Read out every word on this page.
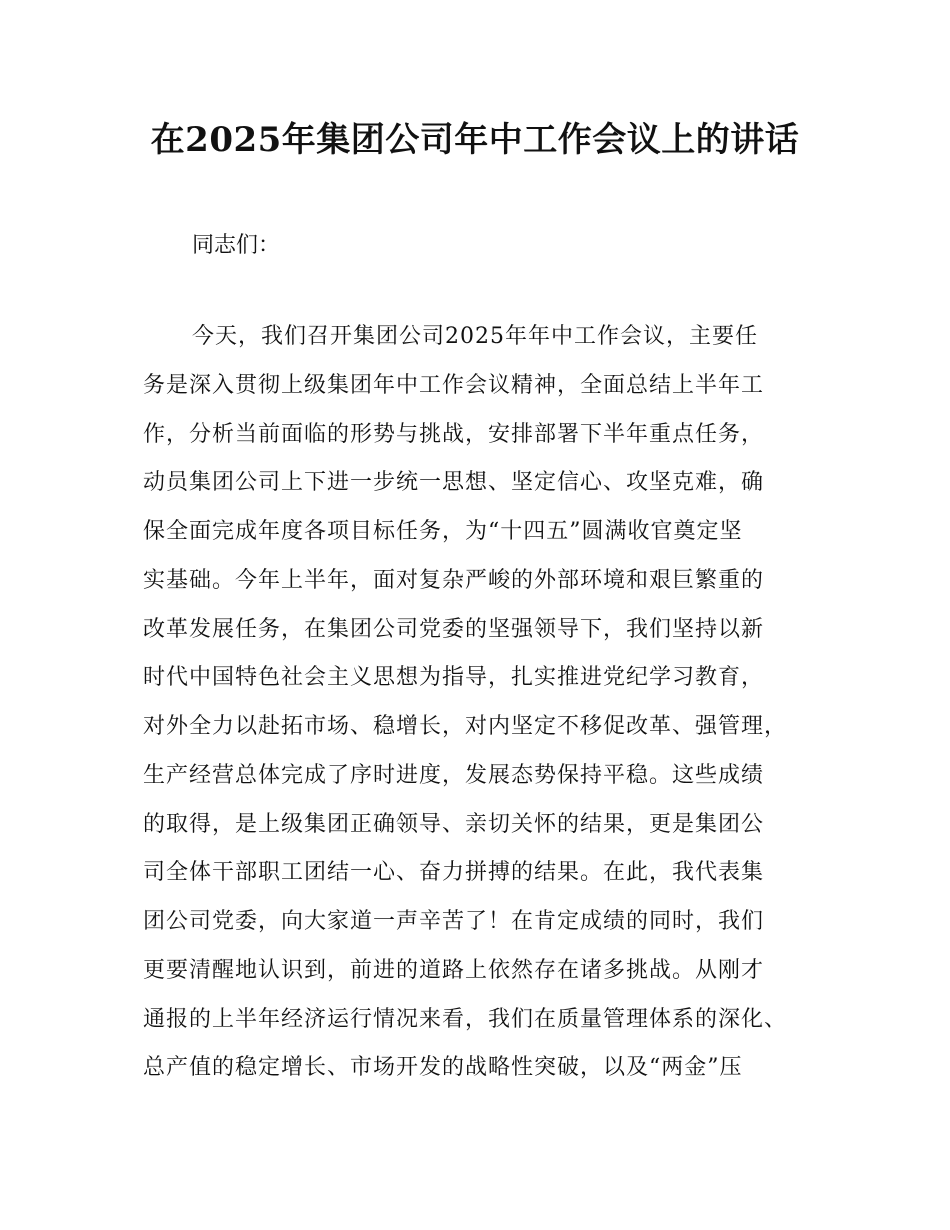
在2025年集团公司年中工作会议上的讲话
同志们：
今天，我们召开集团公司2025年年中工作会议，主要任
务是深入贯彻上级集团年中工作会议精神，全面总结上半年工
作，分析当前面临的形势与挑战，安排部署下半年重点任务，
动员集团公司上下进一步统一思想、坚定信心、攻坚克难，确
保全面完成年度各项目标任务，为“十四五”圆满收官奠定坚
实基础。今年上半年，面对复杂严峻的外部环境和艰巨繁重的
改革发展任务，在集团公司党委的坚强领导下，我们坚持以新
时代中国特色社会主义思想为指导，扎实推进党纪学习教育，
对外全力以赴拓市场、稳增长，对内坚定不移促改革、强管理，
生产经营总体完成了序时进度，发展态势保持平稳。这些成绩
的取得，是上级集团正确领导、亲切关怀的结果，更是集团公
司全体干部职工团结一心、奋力拼搏的结果。在此，我代表集
团公司党委，向大家道一声辛苦了！在肯定成绩的同时，我们
更要清醒地认识到，前进的道路上依然存在诸多挑战。从刚才
通报的上半年经济运行情况来看，我们在质量管理体系的深化、
总产值的稳定增长、市场开发的战略性突破，以及“两金”压
